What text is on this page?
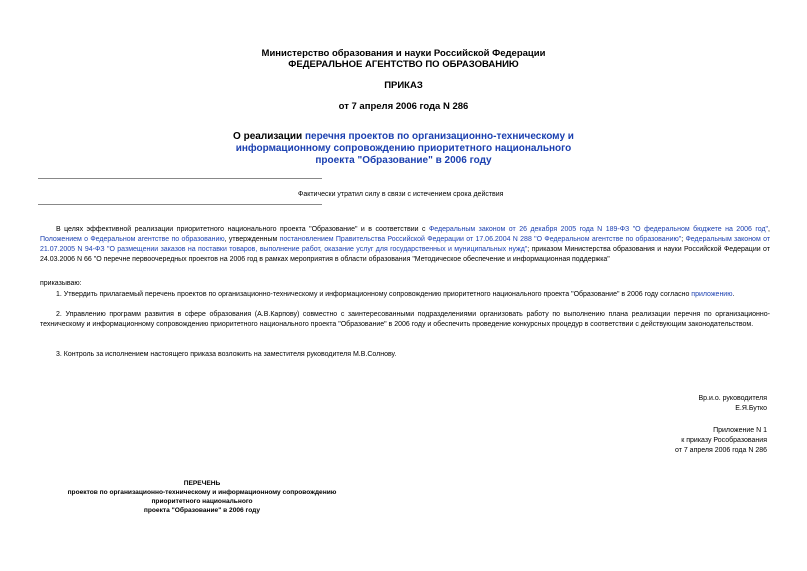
Министерство образования и науки Российской Федерации
ФЕДЕРАЛЬНОЕ АГЕНТСТВО ПО ОБРАЗОВАНИЮ
ПРИКАЗ
от 7 апреля 2006 года N 286
О реализации перечня проектов по организационно-техническому и
информационному сопровождению приоритетного национального
проекта "Образование" в 2006 году
Фактически утратил силу в связи с истечением срока действия
В целях эффективной реализации приоритетного национального проекта "Образование" и в соответствии с Федеральным законом от 26 декабря 2005 года N 189-ФЗ "О федеральном бюджете на 2006 год", Положением о Федеральном агентстве по образованию, утвержденным постановлением Правительства Российской Федерации от 17.06.2004 N 288 "О Федеральном агентстве по образованию"; Федеральным законом от 21.07.2005 N 94-ФЗ "О размещении заказов на поставки товаров, выполнение работ, оказание услуг для государственных и муниципальных нужд"; приказом Министерства образования и науки Российской Федерации от 24.03.2006 N 66 "О перечне первоочередных проектов на 2006 год в рамках мероприятия в области образования "Методическое обеспечение и информационная поддержка"
приказываю:
1. Утвердить прилагаемый перечень проектов по организационно-техническому и информационному сопровождению приоритетного национального проекта "Образование" в 2006 году согласно приложению.
2. Управлению программ развития в сфере образования (А.В.Карпову) совместно с заинтересованными подразделениями организовать работу по выполнению плана реализации перечня по организационно-техническому и информационному сопровождению приоритетного национального проекта "Образование" в 2006 году и обеспечить проведение конкурсных процедур в соответствии с действующим законодательством.
3. Контроль за исполнением настоящего приказа возложить на заместителя руководителя М.В.Солнову.
Вр.и.о. руководителя
Е.Я.Бутко
Приложение N 1
к приказу Рособразования
от 7 апреля 2006 года N 286
ПЕРЕЧЕНЬ
проектов по организационно-техническому и информационному сопровождению
приоритетного национального
проекта "Образование" в 2006 году
